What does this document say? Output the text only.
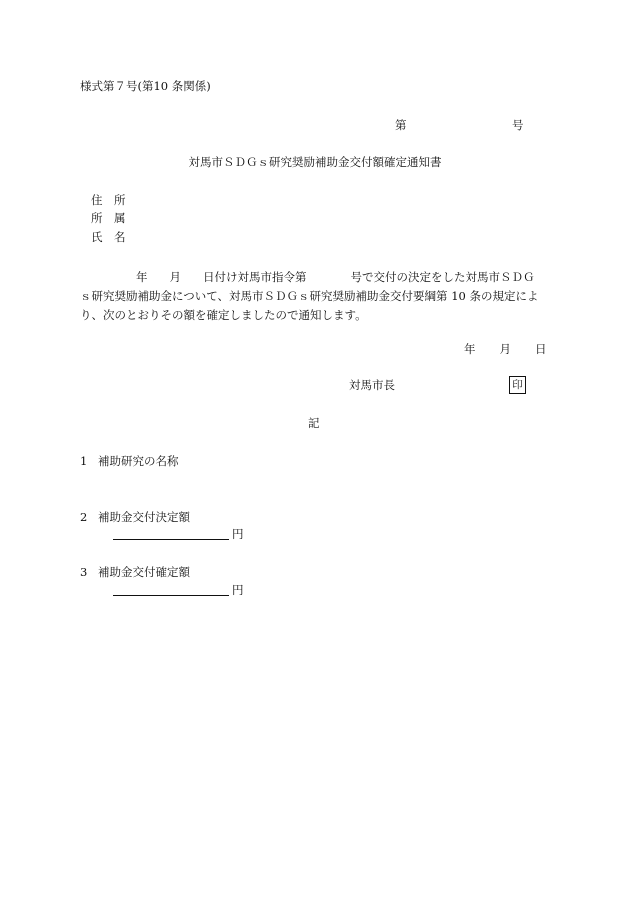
様式第７号(第10 条関係)
第	号
対馬市ＳＤＧｓ研究奨励補助金交付額確定通知書
住 所
所 属
氏 名
年 月 日付け対馬市指令第	号で交付の決定をした対馬市ＳＤＧ
ｓ研究奨励補助金について、対馬市ＳＤＧｓ研究奨励補助金交付要綱第 10 条の規定によ
り、次のとおりその額を確定しましたので通知します。
年 月 日
対馬市長	印
記
1 補助研究の名称
2 補助金交付決定額
円
3 補助金交付確定額
円
